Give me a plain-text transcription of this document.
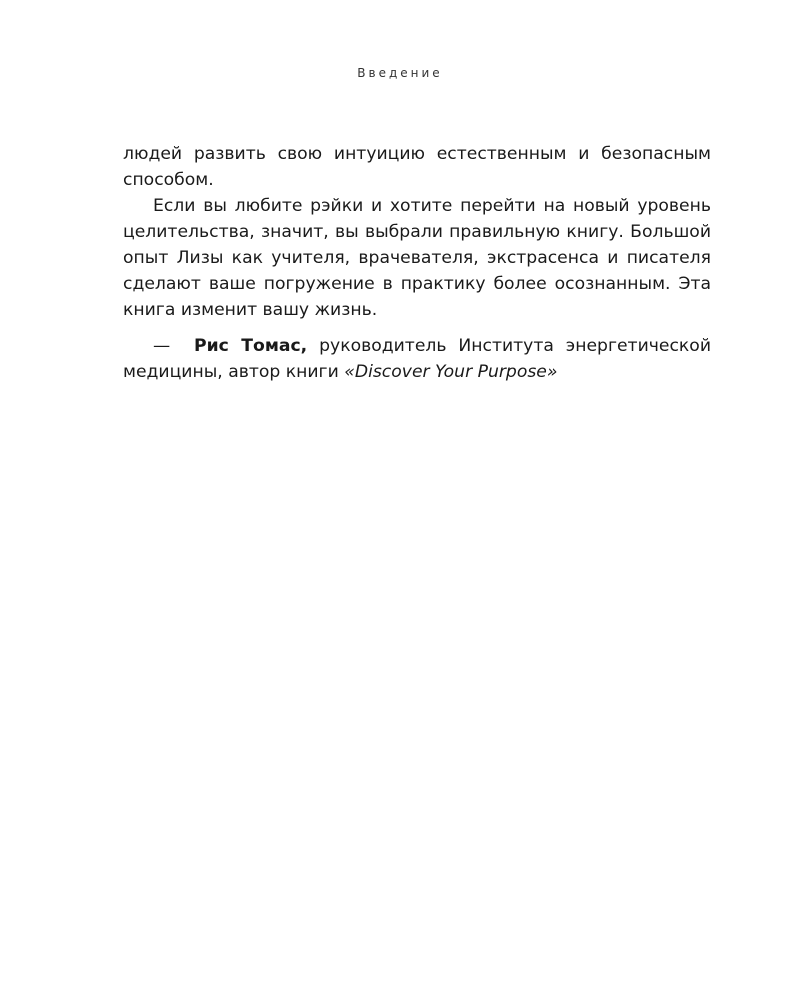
Введение

людей развить свою интуицию естественным и безопасным способом.

Если вы любите рэйки и хотите перейти на новый уровень целительства, значит, вы выбрали правильную книгу. Большой опыт Лизы как учителя, врачевателя, экстрасенса и писателя сделают ваше погружение в практику более осознанным. Эта книга изменит вашу жизнь.

— Рис Томас, руководитель Института энергетической медицины, автор книги «Discover Your Purpose»
